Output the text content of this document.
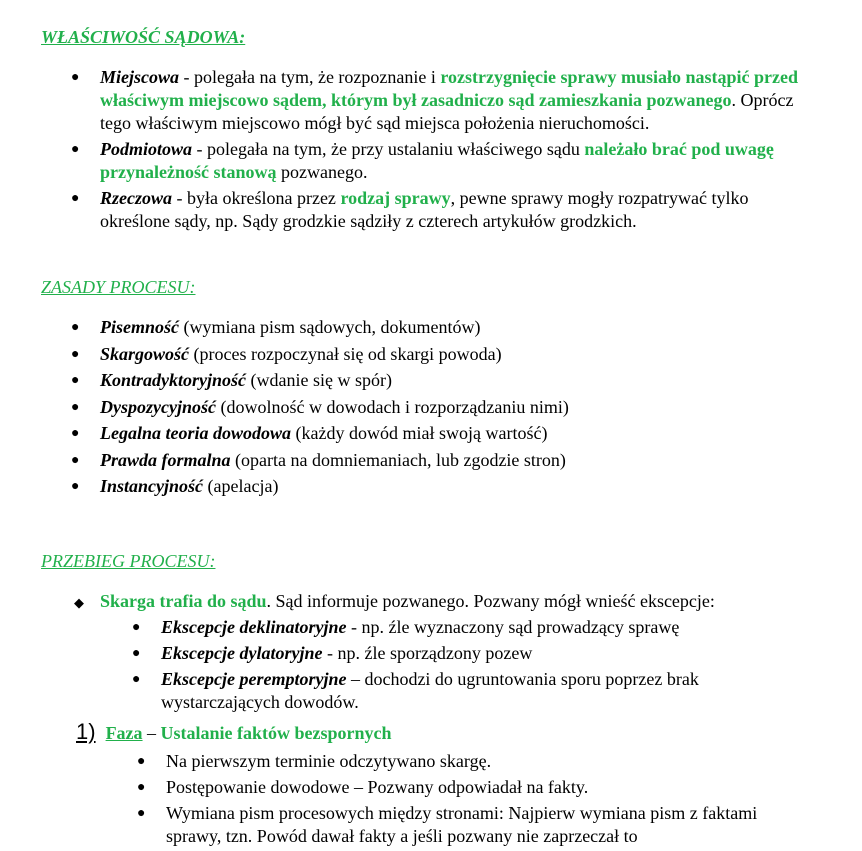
WŁAŚCIWOŚĆ SĄDOWA:
● Miejscowa - polegała na tym, że rozpoznanie i rozstrzygnięcie sprawy musiało nastąpić przed właściwym miejscowo sądem, którym był zasadniczo sąd zamieszkania pozwanego. Oprócz tego właściwym miejscowo mógł być sąd miejsca położenia nieruchomości.
● Podmiotowa - polegała na tym, że przy ustalaniu właściwego sądu należało brać pod uwagę przynależność stanową pozwanego.
● Rzeczowa - była określona przez rodzaj sprawy, pewne sprawy mogły rozpatrywać tylko określone sądy, np. Sądy grodzkie sądziły z czterech artykułów grodzkich.
ZASADY PROCESU:
● Pisemność (wymiana pism sądowych, dokumentów)
● Skargowość (proces rozpoczynał się od skargi powoda)
● Kontradyktoryjność (wdanie się w spór)
● Dyspozycyjność (dowolność w dowodach i rozporządzaniu nimi)
● Legalna teoria dowodowa (każdy dowód miał swoją wartość)
● Prawda formalna (oparta na domniemaniach, lub zgodzie stron)
● Instancyjność (apelacja)
PRZEBIEG PROCESU:
◆ Skarga trafia do sądu. Sąd informuje pozwanego. Pozwany mógł wnieść ekscepcje:
● Ekscepcje deklinatoryjne - np. źle wyznaczony sąd prowadzący sprawę
● Ekscepcje dylatoryjne - np. źle sporządzony pozew
● Ekscepcje peremptoryjne – dochodzi do ugruntowania sporu poprzez brak wystarczających dowodów.
1) Faza – Ustalanie faktów bezspornych
● Na pierwszym terminie odczytywano skargę.
● Postępowanie dowodowe – Pozwany odpowiadał na fakty.
● Wymiana pism procesowych między stronami: Najpierw wymiana pism z faktami sprawy, tzn. Powód dawał fakty a jeśli pozwany nie zaprzeczał to
